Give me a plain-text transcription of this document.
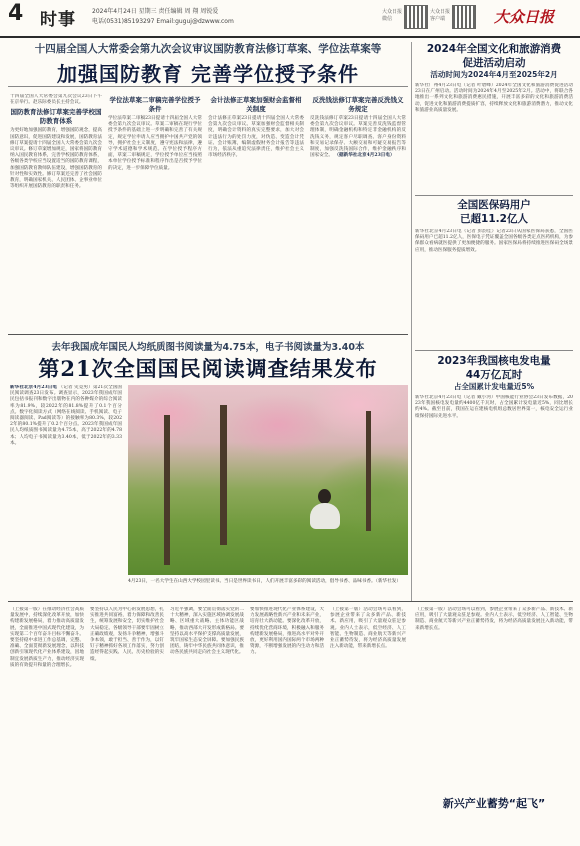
4 时事	2024年4月24日 星期三 责任编辑 周 翔 周锐爱
电话(0531)85193297 Email:guguj@dzwww.com
大众日报微信
大众日报客户端	大众日报
十四届全国人大常委会第九次会议审议国防教育法修订草案、学位法草案等
加强国防教育 完善学位授予条件
十四届全国人大常委会第九次会议23日下午在京举行。赵乐际委员长主持会议。
国防教育法修订草案完善学校国防教育体系
为更好地加强国防教育，增强国防观念，提高国防意识，促进国防建设和发展，国防教育法修订草案提请十四届全国人大常委会第九次会议审议。修订草案增加规定，国家将国防教育纳入国民教育体系，完善学校国防教育体系，各级各类学校应当设置适当的国防教育课程，加强国防教育教师队伍建设，增强国防教育的针对性和实效性。修订草案还完善了社会国防教育，明确国家机关、人民团体、企事业单位等组织开展国防教育的职责和任务。
学位法草案二审稿完善学位授予条件
学位法草案二审稿23日提请十四届全国人大常委会第九次会议审议。草案二审稿在现行学位授予条件的基础上进一步明确和完善了有关规定，规定学位申请人应当拥护中国共产党的领导，拥护社会主义制度，遵守宪法和法律，遵守学术道德和学术规范。在学位授予程序方面，草案二审稿规定，学位授予单位应当按照本单位学位授予标准和程序作出是否授予学位的决定，进一步保障学位质量。
会计法修正草案加强财会监督相关制度
会计法修正草案23日提请十四届全国人大常委会第九次会议审议。草案加强财会监督相关制度，明确会计资料的真实完整要求，加大对会计违法行为的处罚力度，对伪造、变造会计凭证、会计账簿，编制虚假财务会计报告等违法行为，依法从重追究法律责任，维护社会主义市场经济秩序。
反洗钱法修订草案完善反洗钱义务规定
反洗钱法修订草案23日提请十四届全国人大常委会第九次会议审议。草案完善反洗钱监督管理体制，明确金融机构和特定非金融机构的反洗钱义务，规定客户尽职调查、客户身份资料和交易记录保存、大额交易和可疑交易报告等制度，加强反洗钱国际合作，维护金融秩序和国家安全。 （据新华社北京4月23日电）
去年我国成年国民人均纸质图书阅读量为4.75本，电子书阅读量为3.40本
第21次全国国民阅读调查结果发布
新华社北京4月23日电 （记者 史竞男）第21次全国国民阅读调查23日发布。调查显示，2023年我国成年国民包括书报刊和数字出版物在内的各种媒介的综合阅读率为81.9%，较2022年的81.8%提升了0.1个百分点。数字化阅读方式（网络在线阅读、手机阅读、电子阅读器阅读、Pad阅读等）的接触率为80.3%，较2022年的80.1%提升了0.2个百分点。2023年我国成年国民人均纸质图书阅读量为4.75本，高于2022年的4.78本；人均电子书阅读量为3.40本，低于2022年的3.33本。
4月23日，一名大学生在山西大学校园里读书。当日是世界读书日，人们开展丰富多彩的阅读活动，倡导书香、品味书香。（新华社发）
2024年全国文化和旅游消费
促进活动启动
活动时间为2024年4月至2025年2月
新华社广州4月23日电（记者 叶碧峰）2024年全国文化和旅游消费促进活动23日在广州启动。活动时间为2024年4月至2025年2月。活动中，将联合各地推出一系列文化和旅游消费惠民措施，开展丰富多彩的文化和旅游消费活动，促进文化和旅游消费提质扩容，持续释放文化和旅游消费潜力，推动文化和旅游业高质量发展。
全国医保码用户
已超11.2亿人
新华社北京4月23日电（记者 彭韵佳）记者23日从国家医保局获悉，全国医保码用户已超11.2亿人，医保电子凭证覆盖全国各级各类定点医药机构，为参保群众看病就医提供了更加便捷的服务。国家医保局将持续推进医保码全场景应用，推动医保服务提质增效。
2023年我国核电发电量
44万亿瓦时
占全国累计发电量近5%
新华社北京4月23日电（记者 戴小河）中国核能行业协会23日发布数据，2023年我国核电发电量约4400亿千瓦时，占全国累计发电量近5%，同比增长约4%。截至目前，我国在运在建核电机组总数居世界第一，核电安全运行业绩保持国际先进水平。
（上接第一版）在推动经济社会高质量发展中，持续深化改革开放，加快构建新发展格局，着力推动高质量发展，全面推进中国式现代化建设，为实现第二个百年奋斗目标不懈奋斗。要坚持稳中求进工作总基调，完整、准确、全面贯彻新发展理念，以科技创新引领现代化产业体系建设，因地制宜发展新质生产力，推动经济实现质的有效提升和量的合理增长。
要坚持以人民为中心的发展思想，扎实推进共同富裕，着力保障和改善民生，统筹发展和安全，切实维护社会大局稳定。各级领导干部要牢固树立正确政绩观，发扬斗争精神，增强斗争本领，敢于担当、善于作为，以钉钉子精神抓好各项工作落实，努力创造经得起实践、人民、历史检验的实绩。
习近平强调，要全面贯彻落实党的二十大精神，深入实施区域协调发展战略、区域重大战略、主体功能区战略，推动西部大开发形成新格局。要坚持以高水平保护支撑高质量发展，筑牢国家生态安全屏障。要加强民族团结，铸牢中华民族共同体意识，推动各民族共同走向社会主义现代化。
要加快推进现代化产业体系建设，大力发展战略性新兴产业和未来产业，培育壮大新动能。要深化改革开放，持续优化营商环境，积极融入和服务构建新发展格局，推进高水平对外开放，更好利用国内国际两个市场两种资源，不断增强发展的内生动力和活力。
（上接第一版）活动会场可以看到，参展企业带来了众多新产品、新技术、新应用，吸引了大量观众驻足参观。业内人士表示，低空经济、人工智能、生物制造、商业航天等新兴产业正蓄势待发，将为经济高质量发展注入新动能，带来新增长点。
（上接第一版）活动会场可以看到，参展企业带来了众多新产品、新技术、新应用，吸引了大量观众驻足参观。业内人士表示，低空经济、人工智能、生物制造、商业航天等新兴产业正蓄势待发，将为经济高质量发展注入新动能，带来新增长点。
新兴产业蓄势“起飞”
